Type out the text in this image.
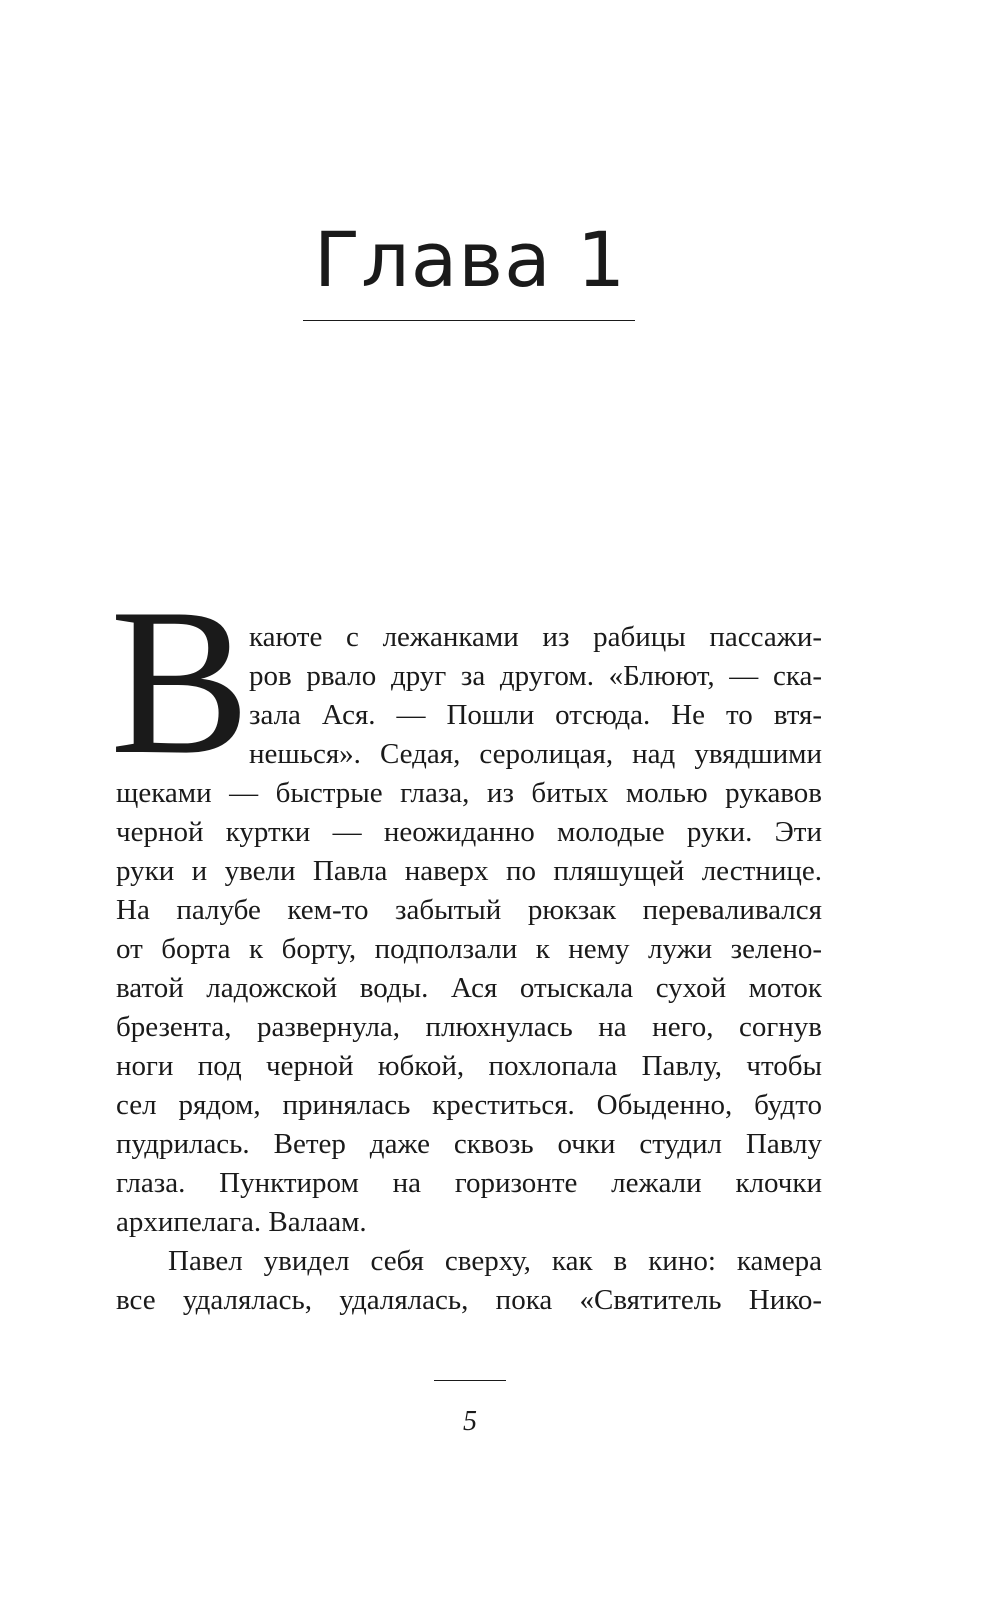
Глава 1
В
каюте с лежанками из рабицы пассажи-
ров рвало друг за другом. «Блюют, — ска-
зала Ася. — Пошли отсюда. Не то втя-
нешься». Седая, серолицая, над увядшими
щеками — быстрые глаза, из битых молью рукавов
черной куртки — неожиданно молодые руки. Эти
руки и увели Павла наверх по пляшущей лестнице.
На палубе кем-то забытый рюкзак переваливался
от борта к борту, подползали к нему лужи зелено-
ватой ладожской воды. Ася отыскала сухой моток
брезента, развернула, плюхнулась на него, согнув
ноги под черной юбкой, похлопала Павлу, чтобы
сел рядом, принялась креститься. Обыденно, будто
пудрилась. Ветер даже сквозь очки студил Павлу
глаза. Пунктиром на горизонте лежали клочки
архипелага. Валаам.
Павел увидел себя сверху, как в кино: камера
все удалялась, удалялась, пока «Святитель Нико-
5
